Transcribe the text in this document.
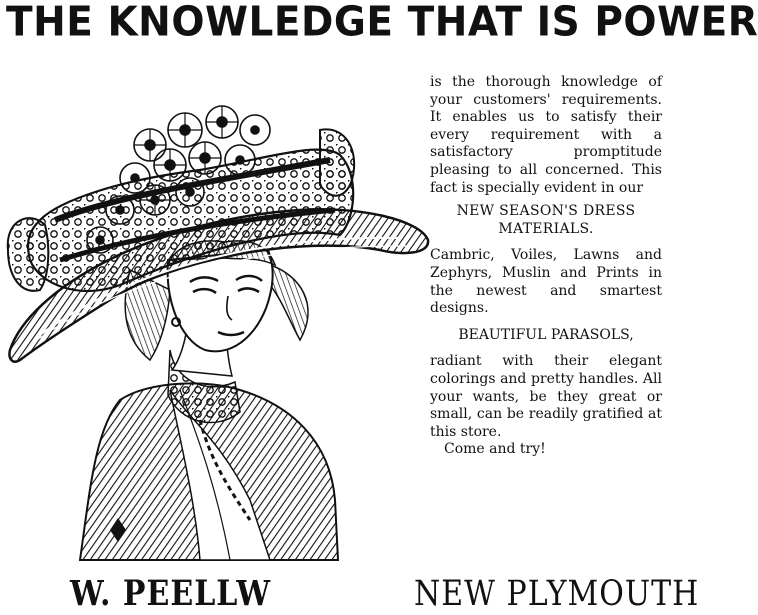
THE KNOWLEDGE THAT IS POWER

is the thorough knowledge of your customers' requirements. It enables us to satisfy their every requirement with a satisfactory promptitude pleasing to all concerned. This fact is specially evident in our

NEW SEASON'S DRESS MATERIALS.

Cambric, Voiles, Lawns and Zephyrs, Muslin and Prints in the newest and smartest designs.

BEAUTIFUL PARASOLS,

radiant with their elegant colorings and pretty handles. All your wants, be they great or small, can be readily gratified at this store.

Come and try!

W. PEELLW	NEW PLYMOUTH
